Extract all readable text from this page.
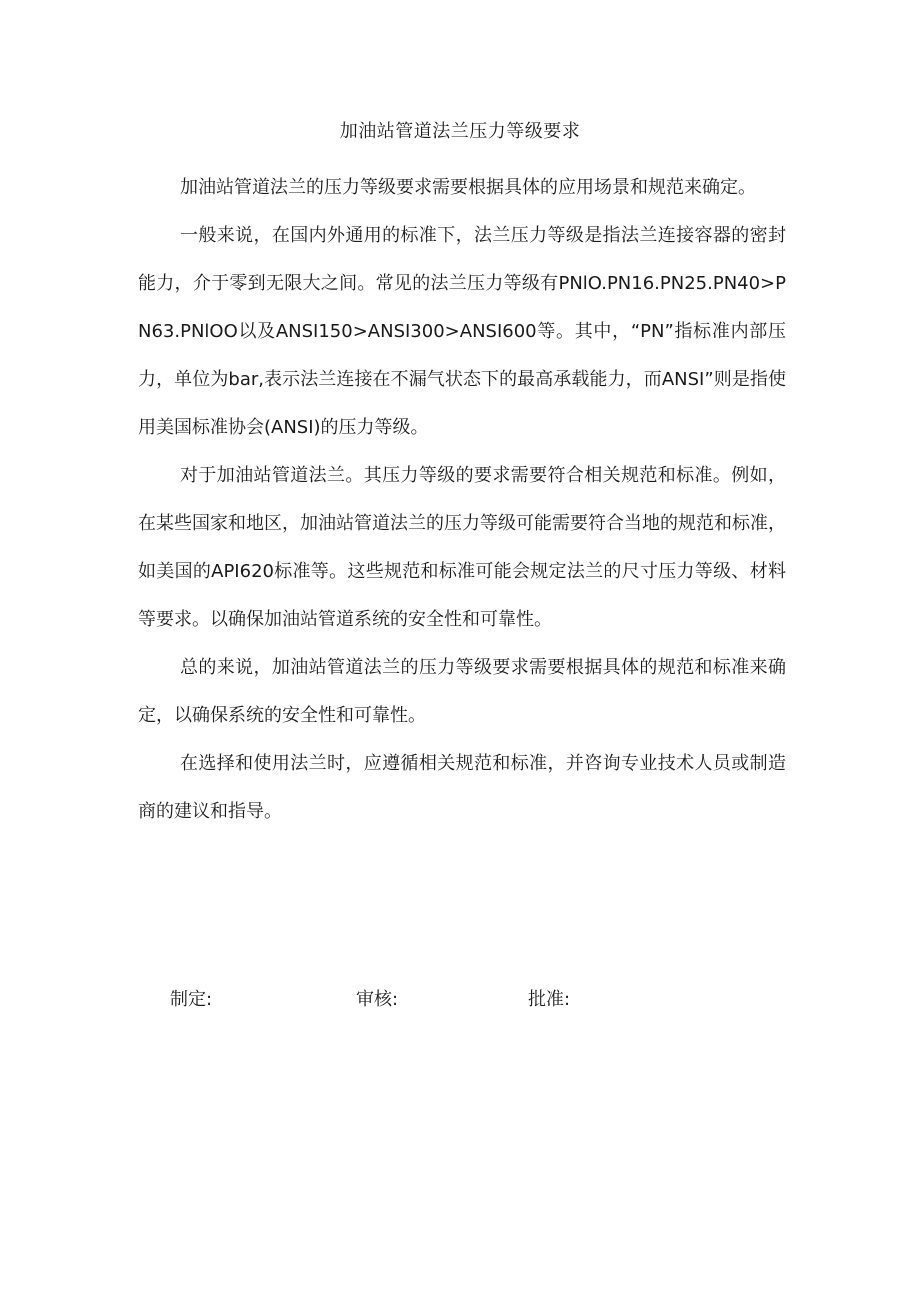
加油站管道法兰压力等级要求

加油站管道法兰的压力等级要求需要根据具体的应用场景和规范来确定。

一般来说，在国内外通用的标准下，法兰压力等级是指法兰连接容器的密封能力，介于零到无限大之间。常见的法兰压力等级有PNlO.PN16.PN25.PN40>PN63.PNlOO以及ANSI150>ANSI300>ANSI600等。其中，“PN”指标准内部压力，单位为bar,表示法兰连接在不漏气状态下的最高承载能力，而ANSI”则是指使用美国标准协会(ANSI)的压力等级。

对于加油站管道法兰。其压力等级的要求需要符合相关规范和标准。例如，在某些国家和地区，加油站管道法兰的压力等级可能需要符合当地的规范和标准，如美国的API620标准等。这些规范和标准可能会规定法兰的尺寸压力等级、材料等要求。以确保加油站管道系统的安全性和可靠性。

总的来说，加油站管道法兰的压力等级要求需要根据具体的规范和标准来确定，以确保系统的安全性和可靠性。

在选择和使用法兰时，应遵循相关规范和标准，并咨询专业技术人员或制造商的建议和指导。

制定:	审核:	批准:
